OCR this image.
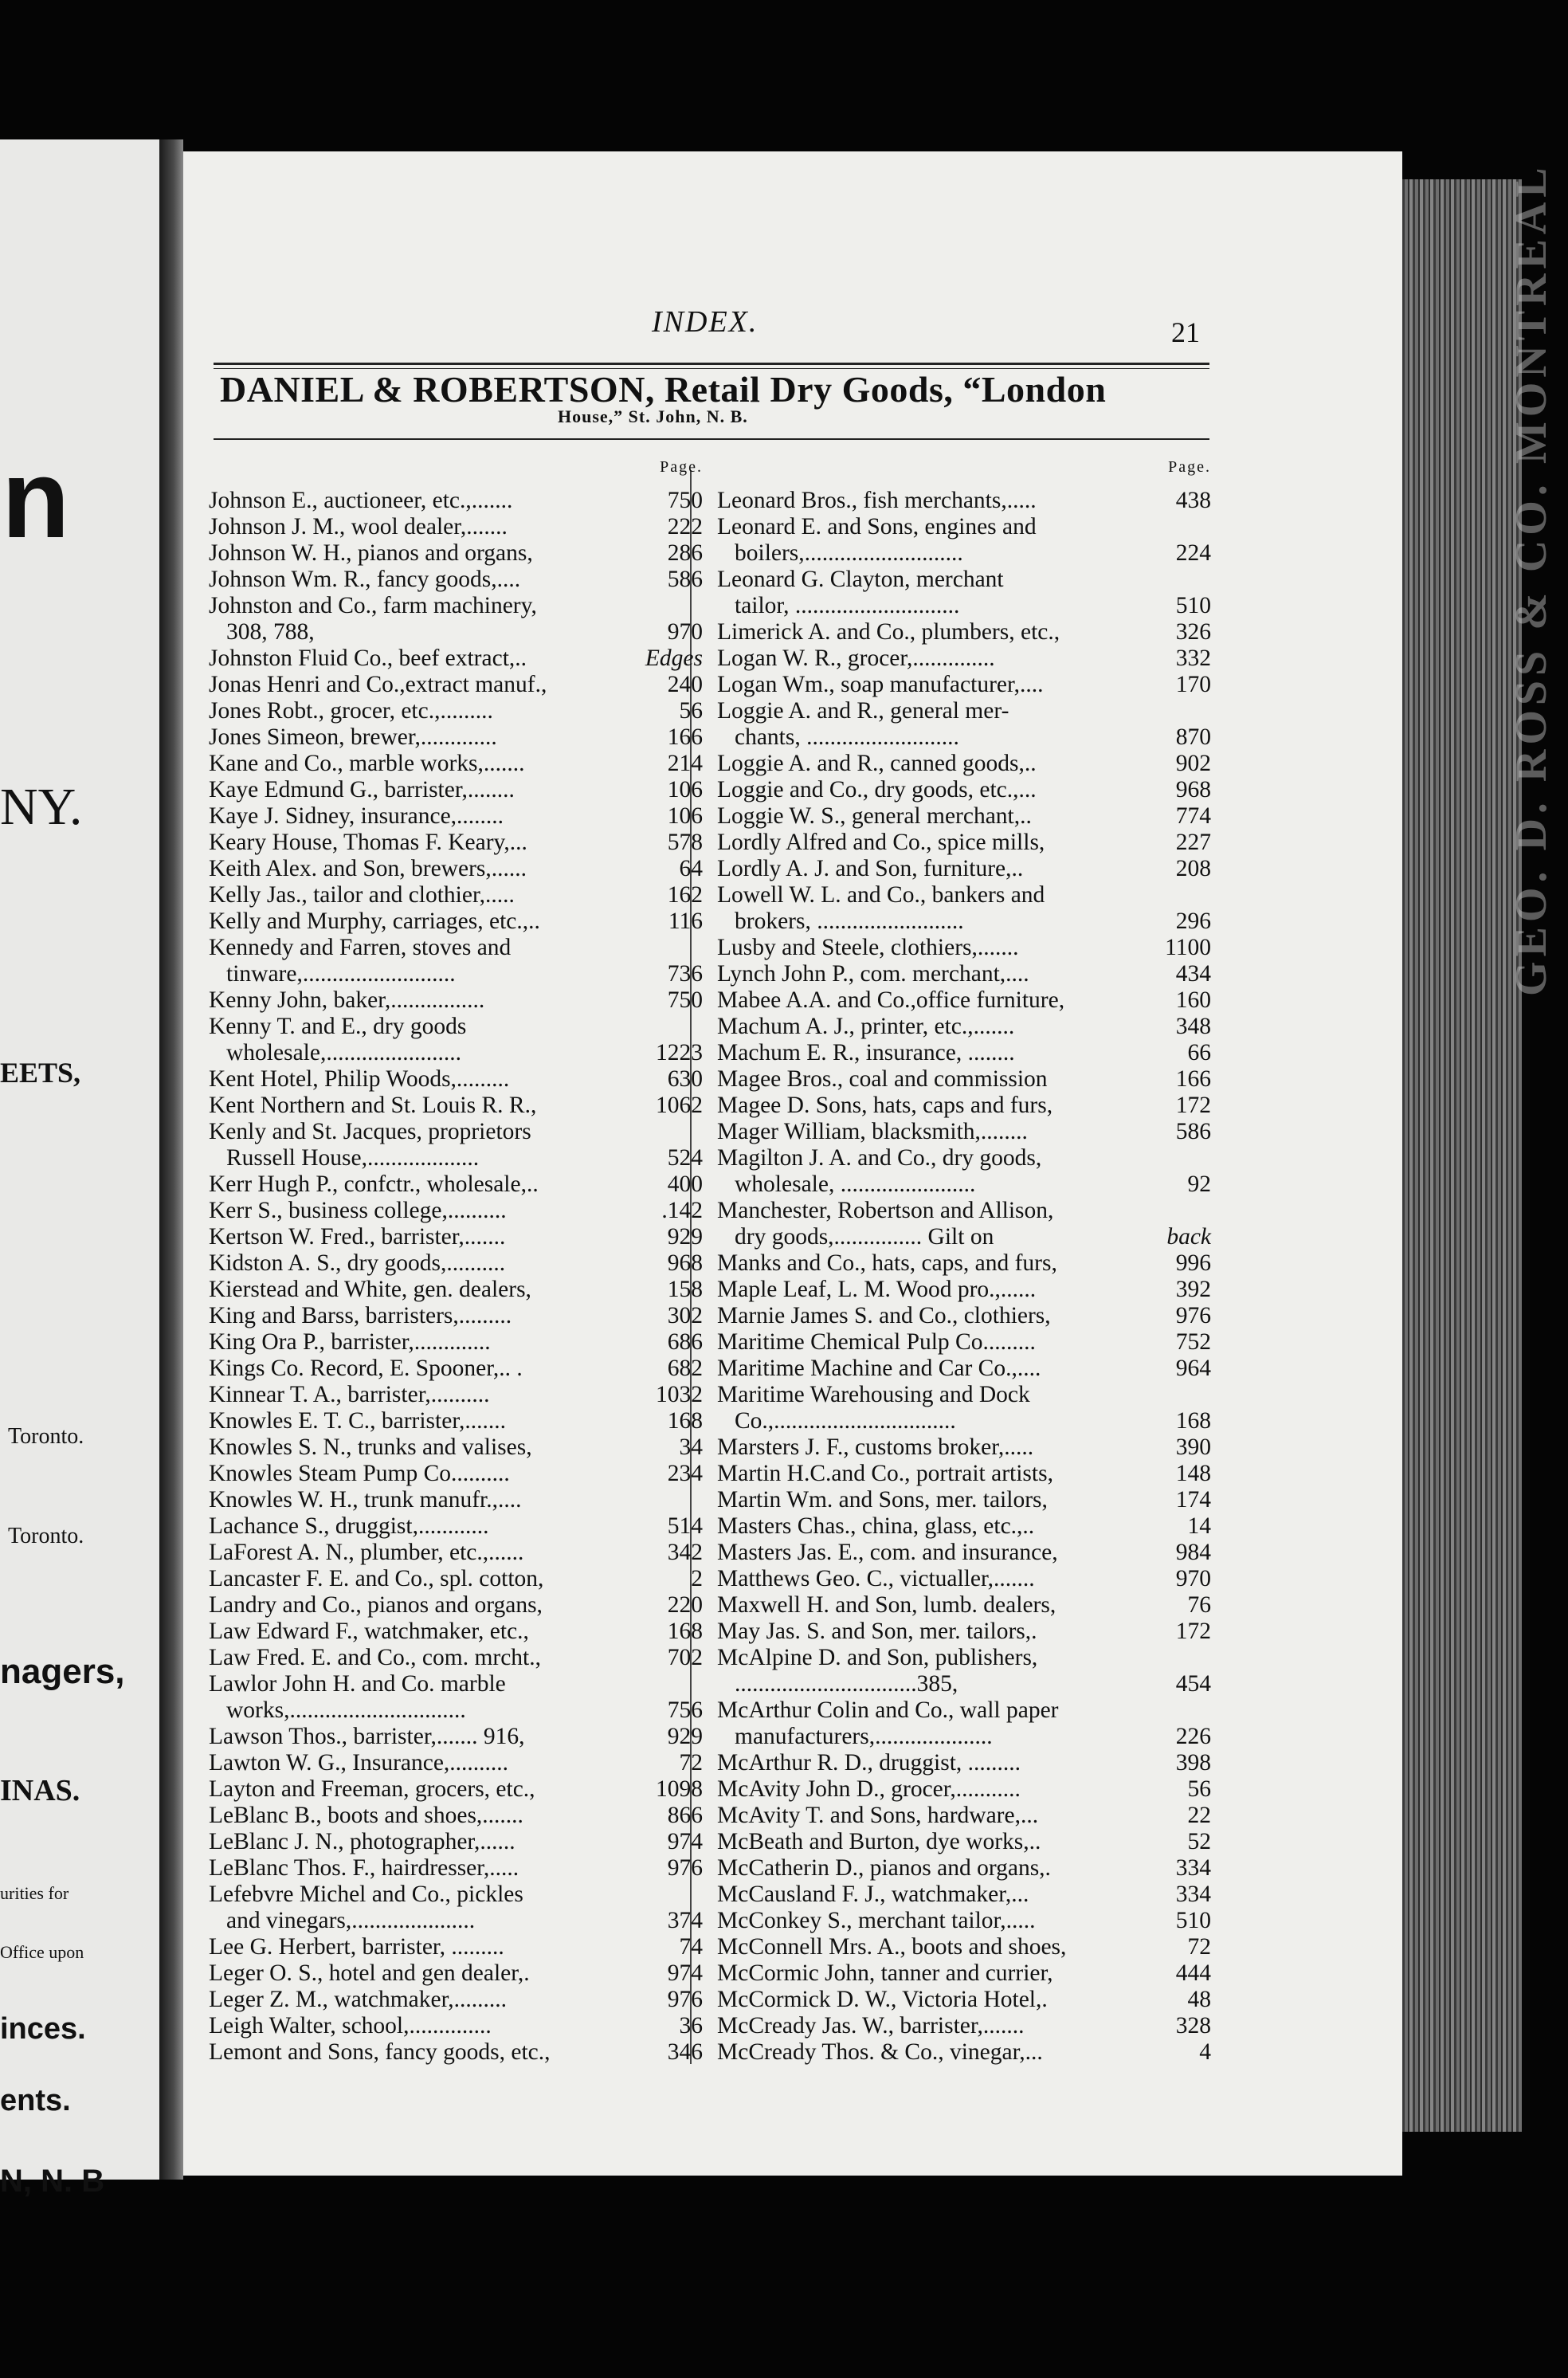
n
NY.
EETS,
Toronto.
Toronto.
nagers,
INAS.
urities for
Office upon
inces.
ents.
N, N. B
GEO. D. ROSS & CO. MONTREAL
INDEX.	21
DANIEL & ROBERTSON, Retail Dry Goods, “London
House,” St. John, N. B.
Page.
Johnson E., auctioneer, etc.,.......	750
Johnson J. M., wool dealer,.......	222
Johnson W. H., pianos and organs,	286
Johnson Wm. R., fancy goods,....	586
Johnston and Co., farm machinery,
308, 788,	970
Johnston Fluid Co., beef extract,..	Edges
Jonas Henri and Co.,extract manuf.,	240
Jones Robt., grocer, etc.,.........	56
Jones Simeon, brewer,.............	166
Kane and Co., marble works,.......	214
Kaye Edmund G., barrister,........	106
Kaye J. Sidney, insurance,........	106
Keary House, Thomas F. Keary,...	578
Keith Alex. and Son, brewers,......	64
Kelly Jas., tailor and clothier,.....	162
Kelly and Murphy, carriages, etc.,..	116
Kennedy and Farren, stoves and
tinware,..........................	736
Kenny John, baker,................	750
Kenny T. and E., dry goods
wholesale,.......................	1223
Kent Hotel, Philip Woods,.........	630
Kent Northern and St. Louis R. R.,	1062
Kenly and St. Jacques, proprietors
Russell House,...................	524
Kerr Hugh P., confctr., wholesale,..	400
Kerr S., business college,..........	.142
Kertson W. Fred., barrister,.......	929
Kidston A. S., dry goods,..........	968
Kierstead and White, gen. dealers,	158
King and Barss, barristers,.........	302
King Ora P., barrister,.............	686
Kings Co. Record, E. Spooner,.. .	682
Kinnear T. A., barrister,..........	1032
Knowles E. T. C., barrister,.......	168
Knowles S. N., trunks and valises,	34
Knowles Steam Pump Co..........	234
Knowles W. H., trunk manufr.,....
Lachance S., druggist,............	514
LaForest A. N., plumber, etc.,......	342
Lancaster F. E. and Co., spl. cotton,	2
Landry and Co., pianos and organs,	220
Law Edward F., watchmaker, etc.,	168
Law Fred. E. and Co., com. mrcht.,	702
Lawlor John H. and Co. marble
works,..............................	756
Lawson Thos., barrister,....... 916,	929
Lawton W. G., Insurance,..........	72
Layton and Freeman, grocers, etc.,	1098
LeBlanc B., boots and shoes,.......	866
LeBlanc J. N., photographer,......	974
LeBlanc Thos. F., hairdresser,.....	976
Lefebvre Michel and Co., pickles
and vinegars,.....................	374
Lee G. Herbert, barrister, .........	74
Leger O. S., hotel and gen dealer,.	974
Leger Z. M., watchmaker,.........	976
Leigh Walter, school,..............	36
Lemont and Sons, fancy goods, etc.,	346
Page.
Leonard Bros., fish merchants,.....	438
Leonard E. and Sons, engines and
boilers,...........................	224
Leonard G. Clayton, merchant
tailor, ............................	510
Limerick A. and Co., plumbers, etc.,	326
Logan W. R., grocer,..............	332
Logan Wm., soap manufacturer,....	170
Loggie A. and R., general mer-
chants, ..........................	870
Loggie A. and R., canned goods,..	902
Loggie and Co., dry goods, etc.,...	968
Loggie W. S., general merchant,..	774
Lordly Alfred and Co., spice mills,	227
Lordly A. J. and Son, furniture,..	208
Lowell W. L. and Co., bankers and
brokers, .........................	296
Lusby and Steele, clothiers,.......	1100
Lynch John P., com. merchant,....	434
Mabee A.A. and Co.,office furniture,	160
Machum A. J., printer, etc.,.......	348
Machum E. R., insurance, ........	66
Magee Bros., coal and commission	166
Magee D. Sons, hats, caps and furs,	172
Mager William, blacksmith,........	586
Magilton J. A. and Co., dry goods,
wholesale, .......................	92
Manchester, Robertson and Allison,
dry goods,............... Gilt on	back
Manks and Co., hats, caps, and furs,	996
Maple Leaf, L. M. Wood pro.,......	392
Marnie James S. and Co., clothiers,	976
Maritime Chemical Pulp Co.........	752
Maritime Machine and Car Co.,....	964
Maritime Warehousing and Dock
Co.,...............................	168
Marsters J. F., customs broker,.....	390
Martin H.C.and Co., portrait artists,	148
Martin Wm. and Sons, mer. tailors,	174
Masters Chas., china, glass, etc.,..	14
Masters Jas. E., com. and insurance,	984
Matthews Geo. C., victualler,.......	970
Maxwell H. and Son, lumb. dealers,	76
May Jas. S. and Son, mer. tailors,.	172
McAlpine D. and Son, publishers,
...............................385,	454
McArthur Colin and Co., wall paper
manufacturers,....................	226
McArthur R. D., druggist, .........	398
McAvity John D., grocer,...........	56
McAvity T. and Sons, hardware,...	22
McBeath and Burton, dye works,..	52
McCatherin D., pianos and organs,.	334
McCausland F. J., watchmaker,...	334
McConkey S., merchant tailor,.....	510
McConnell Mrs. A., boots and shoes,	72
McCormic John, tanner and currier,	444
McCormick D. W., Victoria Hotel,.	48
McCready Jas. W., barrister,.......	328
McCready Thos. & Co., vinegar,...	4
